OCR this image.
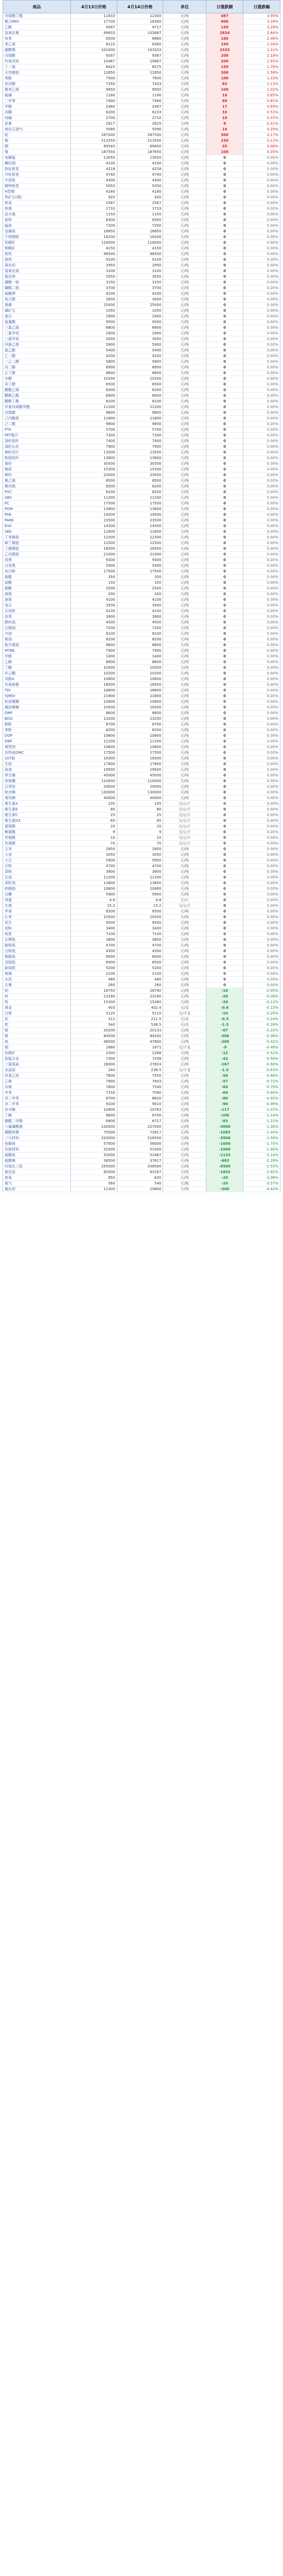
商品	4月13日价格	4月14日价格	单位	日涨跌额	日涨跌幅
丙烯酸丁酯	11833	12300	元/吨	467	3.95%
聚合MDI	17700	18300	元/吨	600	3.39%
乙酸	4567	4717	元/吨	150	3.28%
氢氧化锂	99833	102667	元/吨	2834	2.84%
纯苯	6500	6660	元/吨	160	2.46%
苯乙烯	8110	8300	元/吨	190	2.34%
碳酸锂	101000	103333	元/吨	2333	2.31%
丙烯酸	9167	9367	元/吨	200	2.18%
环氧丙烷	10467	10667	元/吨	200	1.91%
丁二烯	8425	8575	元/吨	150	1.78%
天然橡胶	12650	12850	元/吨	200	1.58%
苯酚	7500	7600	元/吨	100	1.33%
异丙醇	7350	7433	元/吨	83	1.13%
聚苯乙烯	9850	9950	元/吨	100	1.02%
硫磺	1180	1190	元/吨	10	0.85%
二甲苯	7400	7460	元/吨	60	0.81%
甲醇	2480	2497	元/吨	17	0.69%
丙酮	6200	6233	元/吨	33	0.53%
纯碱	2700	2710	元/吨	10	0.37%
尿素	2617	2625	元/吨	8	0.31%
液化石油气	5080	5090	元/吨	10	0.20%
钴	287000	287500	元/吨	500	0.17%
锡	213250	213500	元/吨	250	0.12%
铜	69345	69400	元/吨	55	0.08%
镍	187550	187650	元/吨	100	0.05%
电解锰	13050	13050	元/吨	0	0.00%
螺纹钢	4100	4100	元/吨	0	0.00%
热轧板卷	4218	4218	元/吨	0	0.00%
冷轧板卷	4740	4740	元/吨	0	0.00%
中厚板	4300	4300	元/吨	0	0.00%
镀锌板卷	5050	5050	元/吨	0	0.00%
H型钢	4180	4180	元/吨	0	0.00%
铁矿石(澳)	920	920	元/吨	0	0.00%
焦炭	2567	2567	元/吨	0	0.00%
焦煤	1733	1733	元/吨	0	0.00%
动力煤	1150	1150	元/吨	0	0.00%
硅铁	8300	8300	元/吨	0	0.00%
锰硅	7200	7200	元/吨	0	0.00%
金属硅	16850	16850	元/吨	0	0.00%
不锈钢板	16200	16200	元/吨	0	0.00%
钨精矿	118000	118000	元/吨	0	0.00%
钼精矿	4150	4150	元/吨	0	0.00%
钒铁	98500	98500	元/吨	0	0.00%
铬铁	9100	9100	元/吨	0	0.00%
氧化铝	2950	2950	元/吨	0	0.00%
氢氧化钠	3100	3100	元/吨	0	0.00%
氯化钾	3550	3550	元/吨	0	0.00%
磷酸一铵	3150	3150	元/吨	0	0.00%
磷酸二铵	3700	3700	元/吨	0	0.00%
硫酸钾	4200	4200	元/吨	0	0.00%
复合肥	3000	3000	元/吨	0	0.00%
黄磷	25000	25000	元/吨	0	0.00%
磷矿石	1050	1050	元/吨	0	0.00%
萤石	2900	2900	元/吨	0	0.00%
氢氟酸	9500	9500	元/吨	0	0.00%
三氯乙烯	6800	6800	元/吨	0	0.00%
二氯甲烷	2900	2900	元/吨	0	0.00%
三氯甲烷	3000	3000	元/吨	0	0.00%
四氯乙烯	5900	5900	元/吨	0	0.00%
氯乙酸	5400	5400	元/吨	0	0.00%
乙二醇	4200	4200	元/吨	0	0.00%
二乙二醇	5800	5800	元/吨	0	0.00%
丙二醇	8900	8900	元/吨	0	0.00%
正丁醇	8600	8600	元/吨	0	0.00%
辛醇	10200	10200	元/吨	0	0.00%
异丁醛	6500	6500	元/吨	0	0.00%
醋酸乙烯	8300	8300	元/吨	0	0.00%
醋酸乙酯	6900	6900	元/吨	0	0.00%
醋酸丁酯	8100	8100	元/吨	0	0.00%
甲基丙烯酸甲酯	11200	11200	元/吨	0	0.00%
丙烯腈	9800	9800	元/吨	0	0.00%
己内酰胺	11800	11800	元/吨	0	0.00%
己二酸	9800	9800	元/吨	0	0.00%
PTA	5700	5700	元/吨	0	0.00%
PET瓶片	7300	7300	元/吨	0	0.00%
涤纶短纤	7400	7400	元/吨	0	0.00%
涤纶长丝	7900	7900	元/吨	0	0.00%
锦纶切片	13500	13500	元/吨	0	0.00%
粘胶短纤	13800	13800	元/吨	0	0.00%
氨纶	30500	30500	元/吨	0	0.00%
棉花	15300	15300	元/吨	0	0.00%
棉纱	23000	23000	元/吨	0	0.00%
聚乙烯	8500	8500	元/吨	0	0.00%
聚丙烯	8200	8200	元/吨	0	0.00%
PVC	6200	6200	元/吨	0	0.00%
ABS	11200	11200	元/吨	0	0.00%
PC	17500	17500	元/吨	0	0.00%
POM	13800	13800	元/吨	0	0.00%
PA6	14000	14000	元/吨	0	0.00%
PA66	23500	23500	元/吨	0	0.00%
EVA	14500	14500	元/吨	0	0.00%
SBS	11600	11600	元/吨	0	0.00%
丁苯橡胶	12300	12300	元/吨	0	0.00%
顺丁橡胶	12500	12500	元/吨	0	0.00%
丁腈橡胶	16500	16500	元/吨	0	0.00%
乙丙橡胶	21000	21000	元/吨	0	0.00%
炭黑	9300	9300	元/吨	0	0.00%
白炭黑	5400	5400	元/吨	0	0.00%
钛白粉	17500	17500	元/吨	0	0.00%
硫酸	350	350	元/吨	0	0.00%
盐酸	150	150	元/吨	0	0.00%
硝酸	2500	2500	元/吨	0	0.00%
液氯	200	200	元/吨	0	0.00%
液氨	4100	4100	元/吨	0	0.00%
电石	3500	3500	元/吨	0	0.00%
石油焦	4100	4100	元/吨	0	0.00%
沥青	3900	3900	元/吨	0	0.00%
燃料油	4500	4500	元/吨	0	0.00%
石脑油	7200	7200	元/吨	0	0.00%
汽油	9100	9100	元/吨	0	0.00%
柴油	8200	8200	元/吨	0	0.00%
航空煤油	8600	8600	元/吨	0	0.00%
MTBE	7900	7900	元/吨	0	0.00%
甲醛	1400	1400	元/吨	0	0.00%
乙醇	8600	8600	元/吨	0	0.00%
丁酮	10500	10500	元/吨	0	0.00%
环己酮	10200	10200	元/吨	0	0.00%
双酚A	10800	10800	元/吨	0	0.00%
环氧树脂	18500	18500	元/吨	0	0.00%
TDI	18800	18800	元/吨	0	0.00%
纯MDI	21800	21800	元/吨	0	0.00%
软泡聚醚	10800	10800	元/吨	0	0.00%
硬泡聚醚	10500	10500	元/吨	0	0.00%
DMF	8600	8600	元/吨	0	0.00%
BDO	13200	13200	元/吨	0	0.00%
顺酐	8700	8700	元/吨	0	0.00%
苯酐	8200	8200	元/吨	0	0.00%
DOP	10800	10800	元/吨	0	0.00%
DBP	11200	11200	元/吨	0	0.00%
增塑剂	10600	10600	元/吨	0	0.00%
有机硅DMC	17500	17500	元/吨	0	0.00%
107胶	18300	18300	元/吨	0	0.00%
生胶	17800	17800	元/吨	0	0.00%
硅油	19500	19500	元/吨	0	0.00%
草甘膦	45000	45000	元/吨	0	0.00%
草铵膦	110000	110000	元/吨	0	0.00%
百草枯	29000	29000	元/吨	0	0.00%
吡虫啉	130000	130000	元/吨	0	0.00%
毒死蜱	40000	40000	元/吨	0	0.00%
维生素A	105	105	元/公斤	0	0.00%
维生素E	80	80	元/公斤	0	0.00%
维生素C	25	25	元/公斤	0	0.00%
维生素D3	65	65	元/公斤	0	0.00%
蛋氨酸	20	20	元/公斤	0	0.00%
赖氨酸	9	9	元/公斤	0	0.00%
苏氨酸	10	10	元/公斤	0	0.00%
色氨酸	70	70	元/公斤	0	0.00%
玉米	2850	2850	元/吨	0	0.00%
小麦	3050	3050	元/吨	0	0.00%
大豆	5900	5900	元/吨	0	0.00%
豆粕	4700	4700	元/吨	0	0.00%
菜粕	3900	3900	元/吨	0	0.00%
豆油	11200	11200	元/吨	0	0.00%
菜籽油	13800	13800	元/吨	0	0.00%
棕榈油	10800	10800	元/吨	0	0.00%
白糖	5900	5900	元/吨	0	0.00%
鸡蛋	4.8	4.8	元/斤	0	0.00%
生猪	15.2	15.2	元/公斤	0	0.00%
苹果	8500	8500	元/吨	0	0.00%
红枣	10500	10500	元/吨	0	0.00%
花生	9500	9500	元/吨	0	0.00%
淀粉	3400	3400	元/吨	0	0.00%
纸浆	7100	7100	元/吨	0	0.00%
瓦楞纸	3800	3800	元/吨	0	0.00%
箱板纸	4700	4700	元/吨	0	0.00%
白板纸	4300	4300	元/吨	0	0.00%
铜版纸	6000	6000	元/吨	0	0.00%
双胶纸	6500	6500	元/吨	0	0.00%
新闻纸	5200	5200	元/吨	0	0.00%
玻璃	2100	2100	元/吨	0	0.00%
水泥	480	480	元/吨	0	0.00%
石膏	260	260	元/吨	0	0.00%
铝	18750	18740	元/吨	-10	-0.05%
锌	23180	23160	元/吨	-20	-0.09%
铅	15300	15280	元/吨	-20	-0.13%
黄金	403	402.4	元/克	-0.6	-0.15%
白银	5120	5110	元/千克	-10	-0.20%
铂	212	211.5	元/克	-0.5	-0.24%
钯	540	538.5	元/克	-1.5	-0.28%
镁	20200	20133	元/吨	-67	-0.33%
锑	84500	84200	元/吨	-300	-0.36%
铋	48000	47800	元/吨	-200	-0.42%
铟	1880	1871	元/千克	-9	-0.48%
钛精矿	2300	2288	元/吨	-12	-0.52%
硅锰合金	7300	7258	元/吨	-42	-0.58%
三氯氢硅	28000	27833	元/吨	-167	-0.60%
多晶硅	240	238.5	元/千克	-1.5	-0.63%
环氧乙烷	7600	7550	元/吨	-50	-0.66%
乙烯	7900	7843	元/吨	-57	-0.72%
丙烯	7600	7540	元/吨	-60	-0.79%
甲苯	7150	7090	元/吨	-60	-0.84%
邻二甲苯	8700	8620	元/吨	-80	-0.92%
对二甲苯	9100	9010	元/吨	-90	-0.99%
异辛醇	10900	10783	元/吨	-117	-1.07%
丁醇	8800	8700	元/吨	-100	-1.14%
碳酸二甲酯	6800	6717	元/吨	-83	-1.22%
六氟磷酸锂	230000	227000	元/吨	-3000	-1.30%
磷酸铁锂	75000	73917	元/吨	-1083	-1.44%
三元材料	220000	216500	元/吨	-3500	-1.59%
电解液	57000	56000	元/吨	-1000	-1.75%
负极材料	52000	51000	元/吨	-1000	-1.92%
硫酸钴	53000	51867	元/吨	-1133	-2.14%
硫酸镍	38500	37617	元/吨	-883	-2.29%
四氧化三钴	255000	248500	元/吨	-6500	-2.55%
氯化钴	65000	63167	元/吨	-1833	-2.82%
液氧	650	630	元/吨	-20	-3.08%
氦气	560	540	元/瓶	-20	-3.57%
氟化铝	11300	10800	元/吨	-500	-4.42%
